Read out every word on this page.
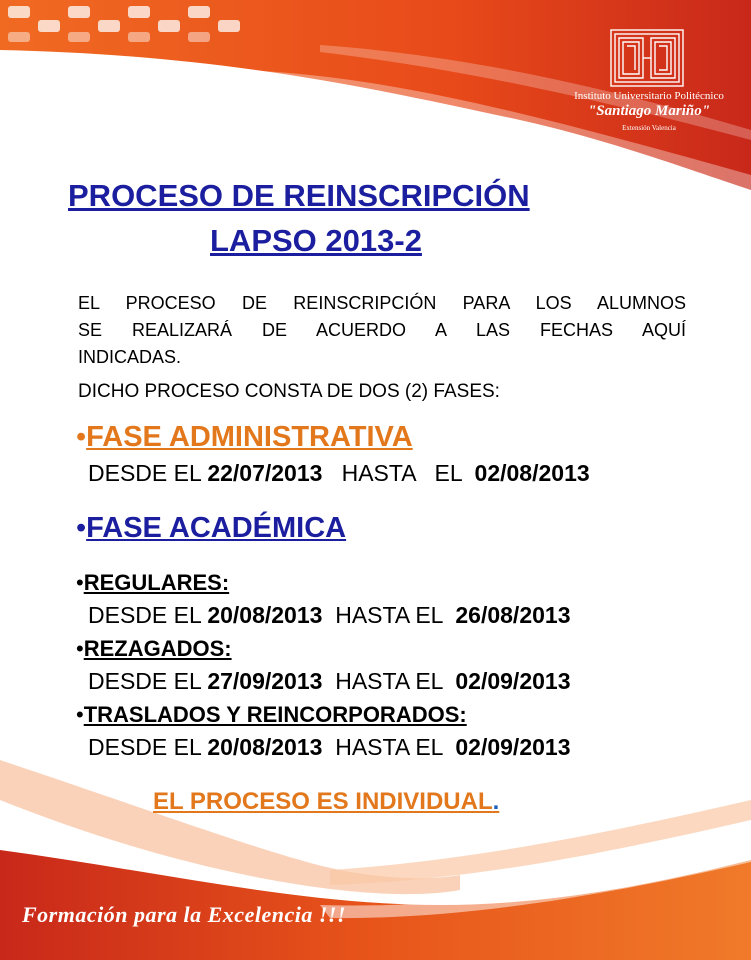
Instituto Universitario Politécnico
"Santiago Mariño"
Extensión Valencia
PROCESO DE REINSCRIPCIÓN
LAPSO 2013-2
EL PROCESO DE REINSCRIPCIÓN PARA LOS ALUMNOS
SE REALIZARÁ DE ACUERDO A LAS FECHAS AQUÍ
INDICADAS.
DICHO PROCESO CONSTA DE DOS (2) FASES:
•FASE ADMINISTRATIVA
DESDE EL 22/07/2013 HASTA   EL 02/08/2013
•FASE ACADÉMICA
•REGULARES:
DESDE EL 20/08/2013 HASTA EL 26/08/2013
•REZAGADOS:
DESDE EL 27/09/2013 HASTA EL 02/09/2013
•TRASLADOS Y REINCORPORADOS:
DESDE EL 20/08/2013 HASTA EL 02/09/2013
EL PROCESO ES INDIVIDUAL.
Formación para la Excelencia !!!
